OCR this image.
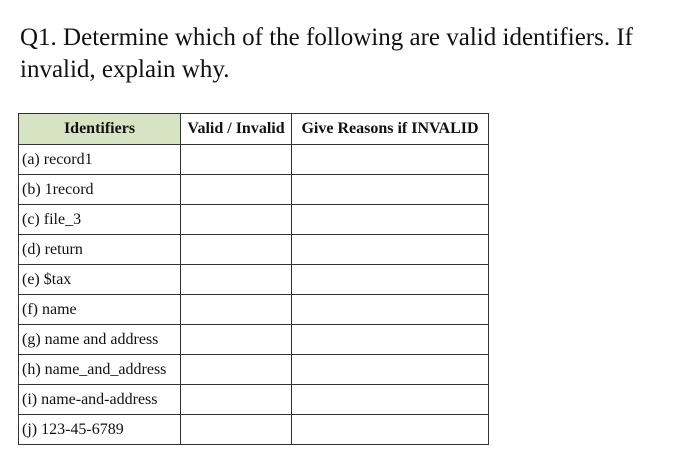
Q1. Determine which of the following are valid identifiers. If invalid, explain why.

Identifiers	Valid / Invalid	Give Reasons if INVALID
(a) record1		
(b) 1record		
(c) file_3		
(d) return		
(e) $tax		
(f) name		
(g) name and address		
(h) name_and_address		
(i) name-and-address		
(j) 123-45-6789		
